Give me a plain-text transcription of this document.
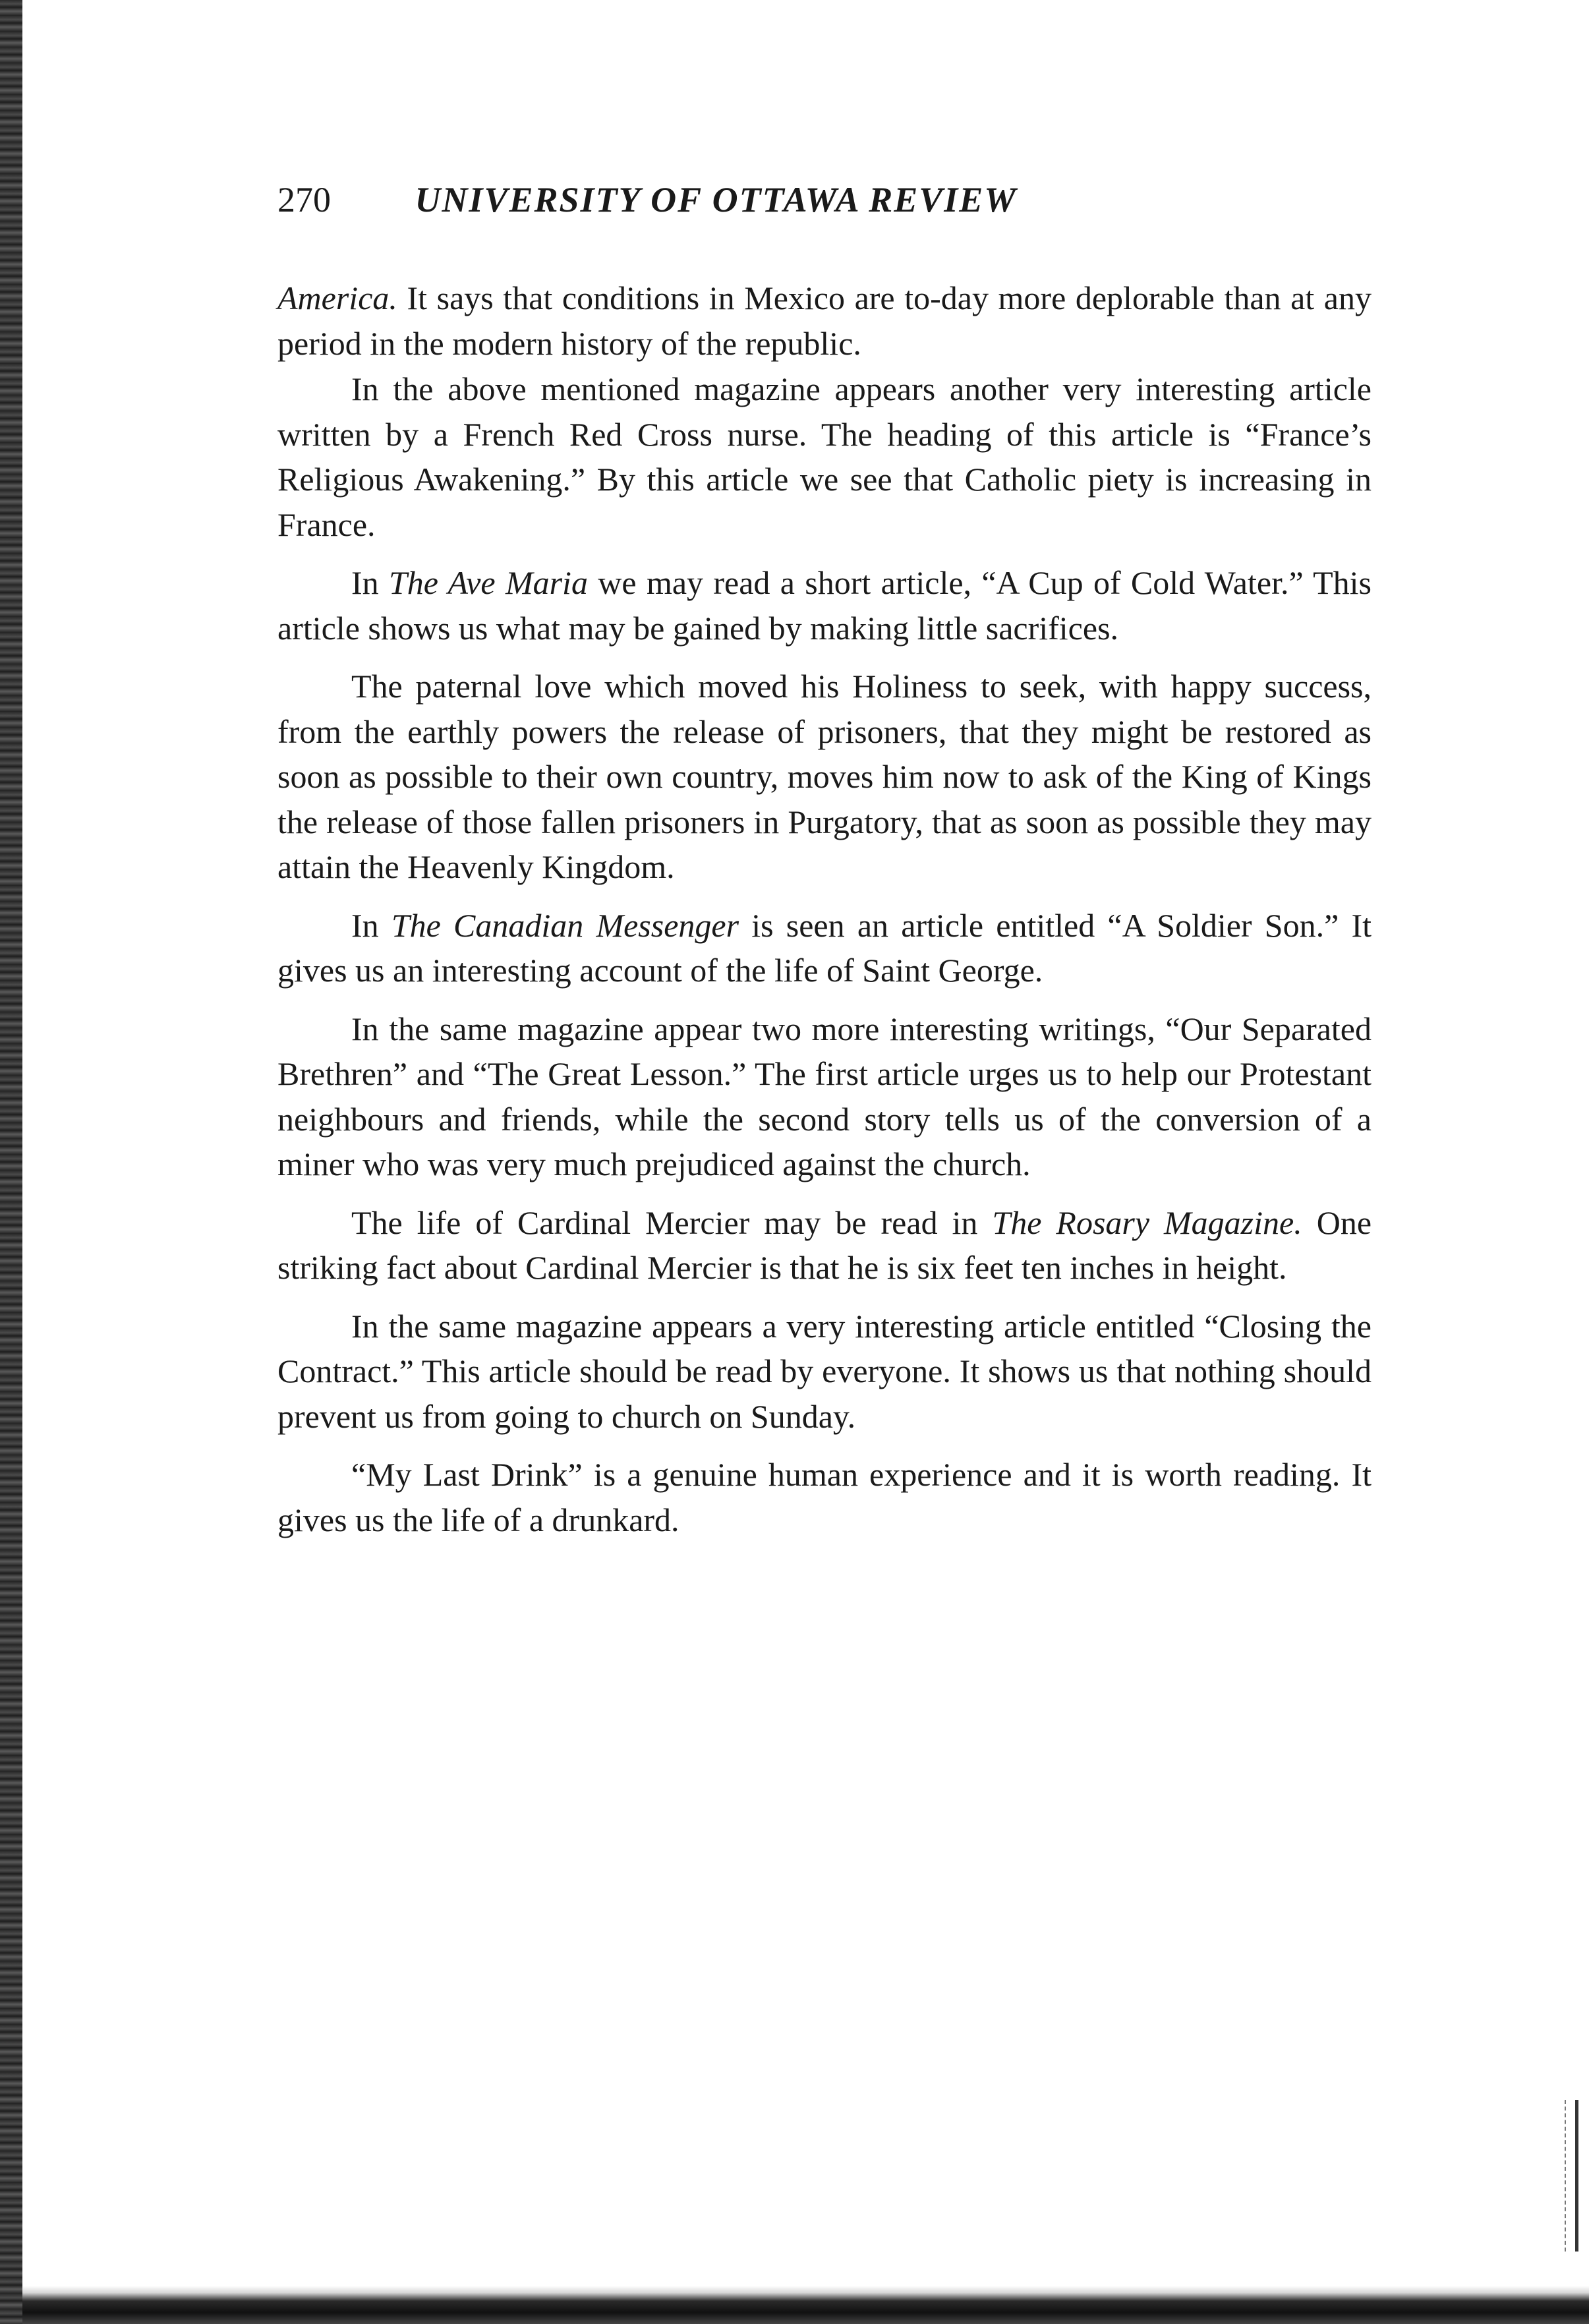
270 UNIVERSITY OF OTTAWA REVIEW

America. It says that conditions in Mexico are to-day more deplorable than at any period in the modern history of the republic.

In the above mentioned magazine appears another very interesting article written by a French Red Cross nurse. The heading of this article is “France’s Religious Awakening.” By this article we see that Catholic piety is increasing in France.

In The Ave Maria we may read a short article, “A Cup of Cold Water.” This article shows us what may be gained by making little sacrifices.

The paternal love which moved his Holiness to seek, with happy success, from the earthly powers the release of prisoners, that they might be restored as soon as possible to their own country, moves him now to ask of the King of Kings the release of those fallen prisoners in Purgatory, that as soon as possible they may attain the Heavenly Kingdom.

In The Canadian Messenger is seen an article entitled “A Soldier Son.” It gives us an interesting account of the life of Saint George.

In the same magazine appear two more interesting writings, “Our Separated Brethren” and “The Great Lesson.” The first article urges us to help our Protestant neighbours and friends, while the second story tells us of the conversion of a miner who was very much prejudiced against the church.

The life of Cardinal Mercier may be read in The Rosary Magazine. One striking fact about Cardinal Mercier is that he is six feet ten inches in height.

In the same magazine appears a very interesting article entitled “Closing the Contract.” This article should be read by everyone. It shows us that nothing should prevent us from going to church on Sunday.

“My Last Drink” is a genuine human experience and it is worth reading. It gives us the life of a drunkard.
